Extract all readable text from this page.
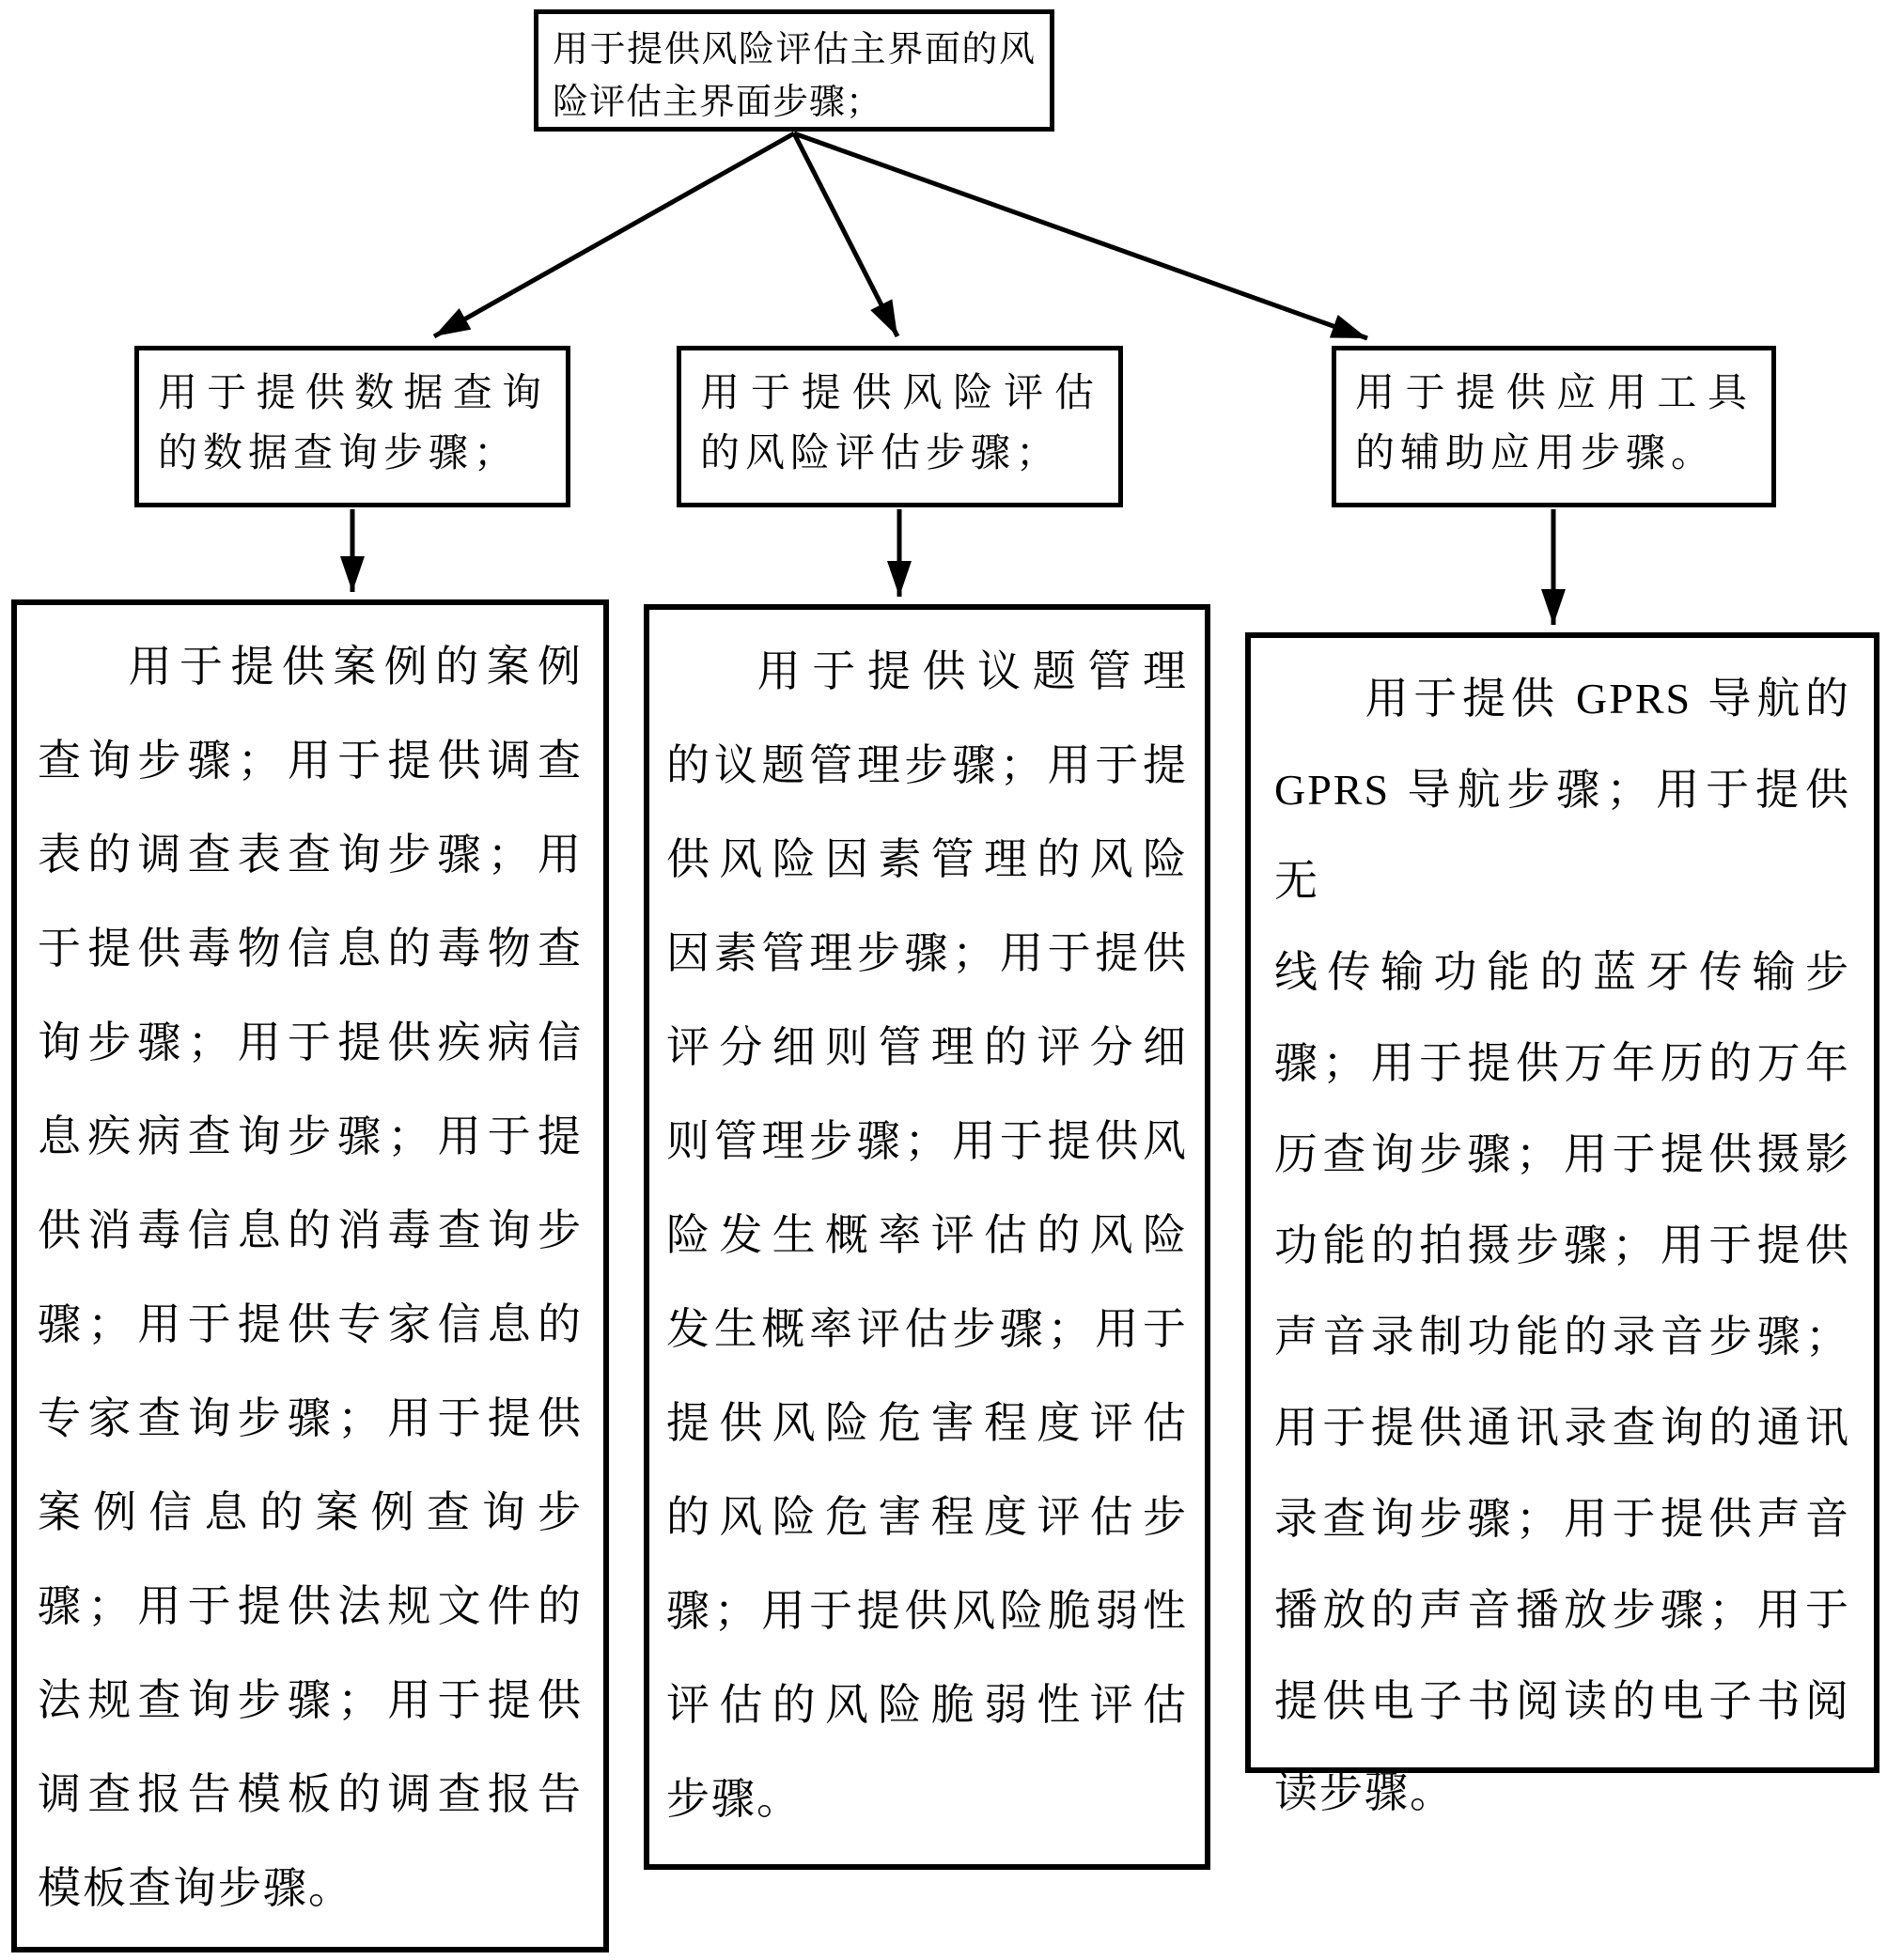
用于提供风险评估主界面的风
险评估主界面步骤；
用于提供数据查询
的数据查询步骤；
用于提供风险评估
的风险评估步骤；
用于提供应用工具
的辅助应用步骤。
用于提供案例的案例
查询步骤；用于提供调查
表的调查表查询步骤；用
于提供毒物信息的毒物查
询步骤；用于提供疾病信
息疾病查询步骤；用于提
供消毒信息的消毒查询步
骤；用于提供专家信息的
专家查询步骤；用于提供
案例信息的案例查询步
骤；用于提供法规文件的
法规查询步骤；用于提供
调查报告模板的调查报告
模板查询步骤。
用于提供议题管理
的议题管理步骤；用于提
供风险因素管理的风险
因素管理步骤；用于提供
评分细则管理的评分细
则管理步骤；用于提供风
险发生概率评估的风险
发生概率评估步骤；用于
提供风险危害程度评估
的风险危害程度评估步
骤；用于提供风险脆弱性
评估的风险脆弱性评估
步骤。
用于提供 GPRS 导航的
GPRS 导航步骤；用于提供无
线传输功能的蓝牙传输步
骤；用于提供万年历的万年
历查询步骤；用于提供摄影
功能的拍摄步骤；用于提供
声音录制功能的录音步骤；
用于提供通讯录查询的通讯
录查询步骤；用于提供声音
播放的声音播放步骤；用于
提供电子书阅读的电子书阅
读步骤。
